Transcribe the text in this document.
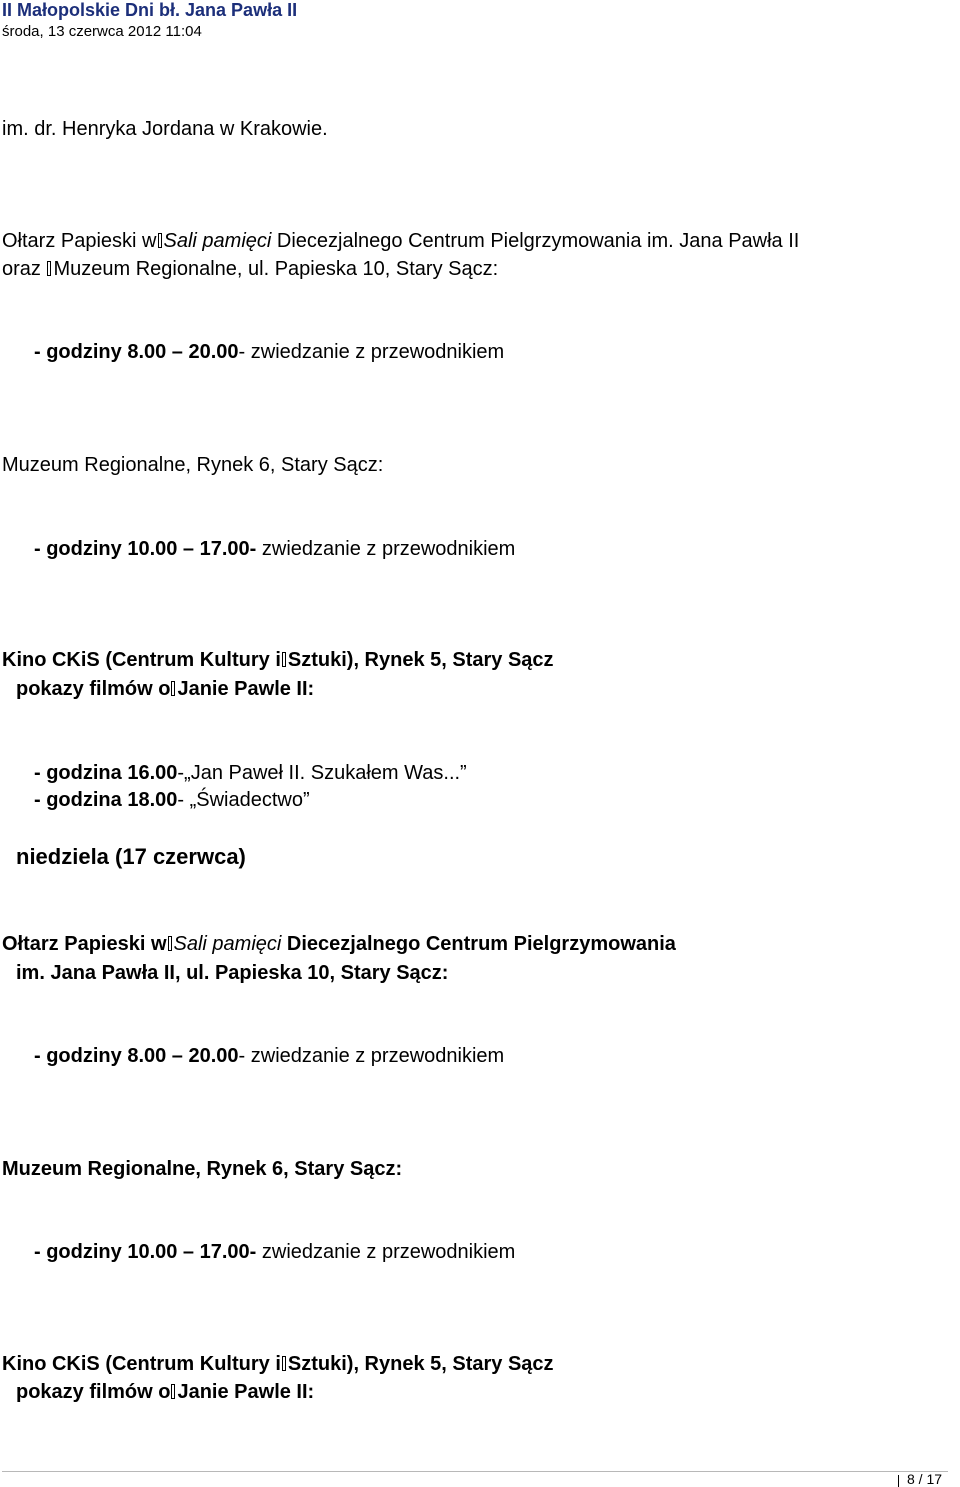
II Małopolskie Dni bł. Jana Pawła II
środa, 13 czerwca 2012 11:04
im. dr. Henryka Jordana w Krakowie.
Ołtarz Papieski w Sali pamięci Diecezjalnego Centrum Pielgrzymowania im. Jana Pawła II
oraz Muzeum Regionalne, ul. Papieska 10, Stary Sącz:
- godziny 8.00 – 20.00- zwiedzanie z przewodnikiem
Muzeum Regionalne, Rynek 6, Stary Sącz:
- godziny 10.00 – 17.00- zwiedzanie z przewodnikiem
Kino CKiS (Centrum Kultury i Sztuki), Rynek 5, Stary Sącz
pokazy filmów o Janie Pawle II:
- godzina 16.00-„Jan Paweł II. Szukałem Was...”
- godzina 18.00- „Świadectwo”
niedziela (17 czerwca)
Ołtarz Papieski w Sali pamięci Diecezjalnego Centrum Pielgrzymowania
im. Jana Pawła II, ul. Papieska 10, Stary Sącz:
- godziny 8.00 – 20.00- zwiedzanie z przewodnikiem
Muzeum Regionalne, Rynek 6, Stary Sącz:
- godziny 10.00 – 17.00- zwiedzanie z przewodnikiem
Kino CKiS (Centrum Kultury i Sztuki), Rynek 5, Stary Sącz
pokazy filmów o Janie Pawle II:
8 / 17
